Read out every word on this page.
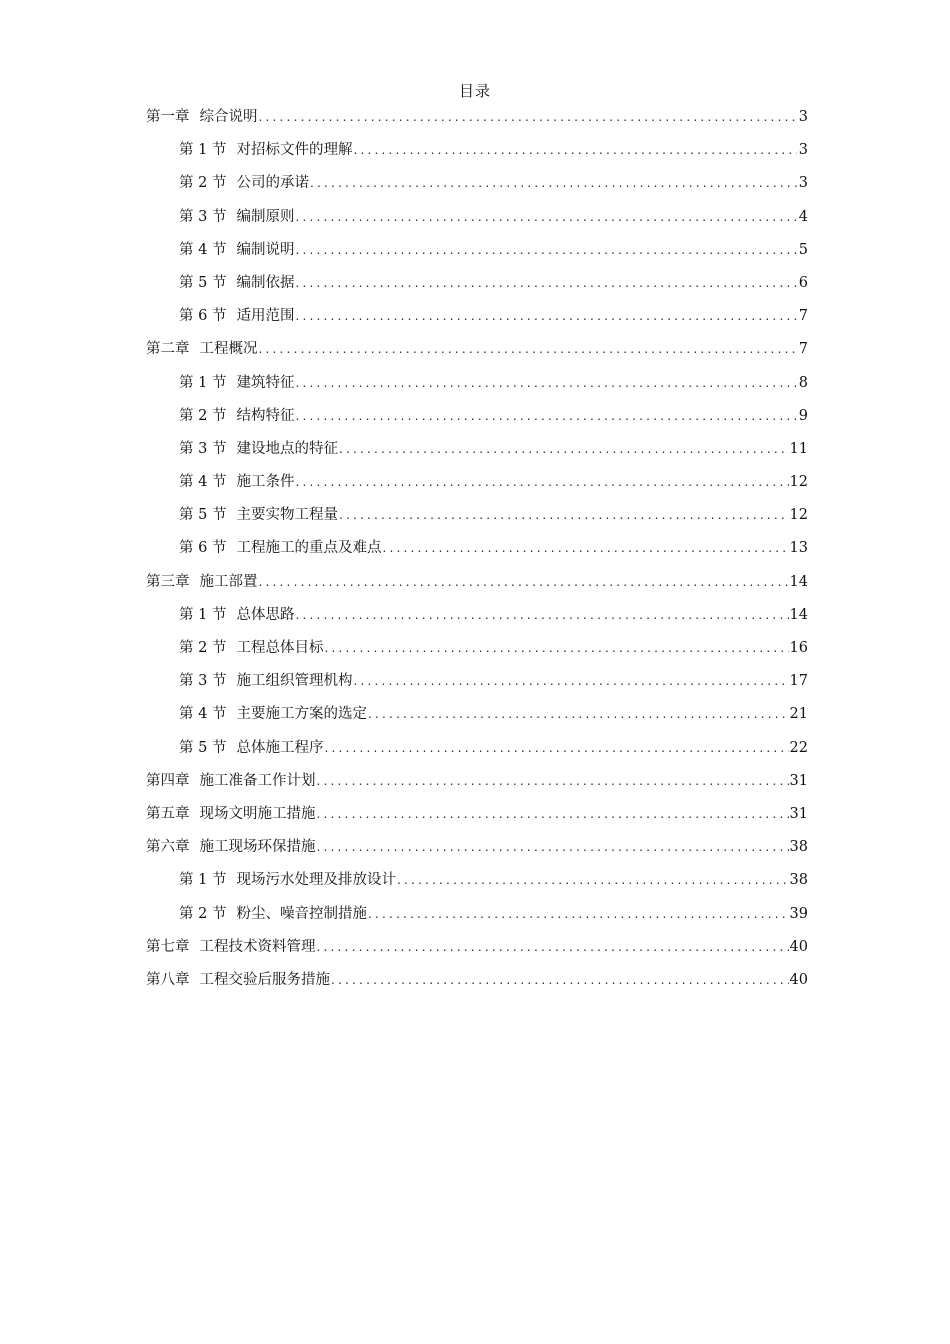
目录
第一章 综合说明 .....	3
第 1 节 对招标文件的理解 .....	3
第 2 节 公司的承诺 .....	3
第 3 节 编制原则 .....	4
第 4 节 编制说明 .....	5
第 5 节 编制依据 .....	6
第 6 节 适用范围 .....	7
第二章 工程概况 .....	7
第 1 节 建筑特征 .....	8
第 2 节 结构特征 .....	9
第 3 节 建设地点的特征 .....	11
第 4 节 施工条件 .....	12
第 5 节 主要实物工程量 .....	12
第 6 节 工程施工的重点及难点 .....	13
第三章 施工部置 .....	14
第 1 节 总体思路 .....	14
第 2 节 工程总体目标 .....	16
第 3 节 施工组织管理机构 .....	17
第 4 节 主要施工方案的选定 .....	21
第 5 节 总体施工程序 .....	22
第四章 施工准备工作计划 .....	31
第五章 现场文明施工措施 .....	31
第六章 施工现场环保措施 .....	38
第 1 节 现场污水处理及排放设计 .....	38
第 2 节 粉尘、噪音控制措施 .....	39
第七章 工程技术资料管理 .....	40
第八章 工程交验后服务措施 .....	40
